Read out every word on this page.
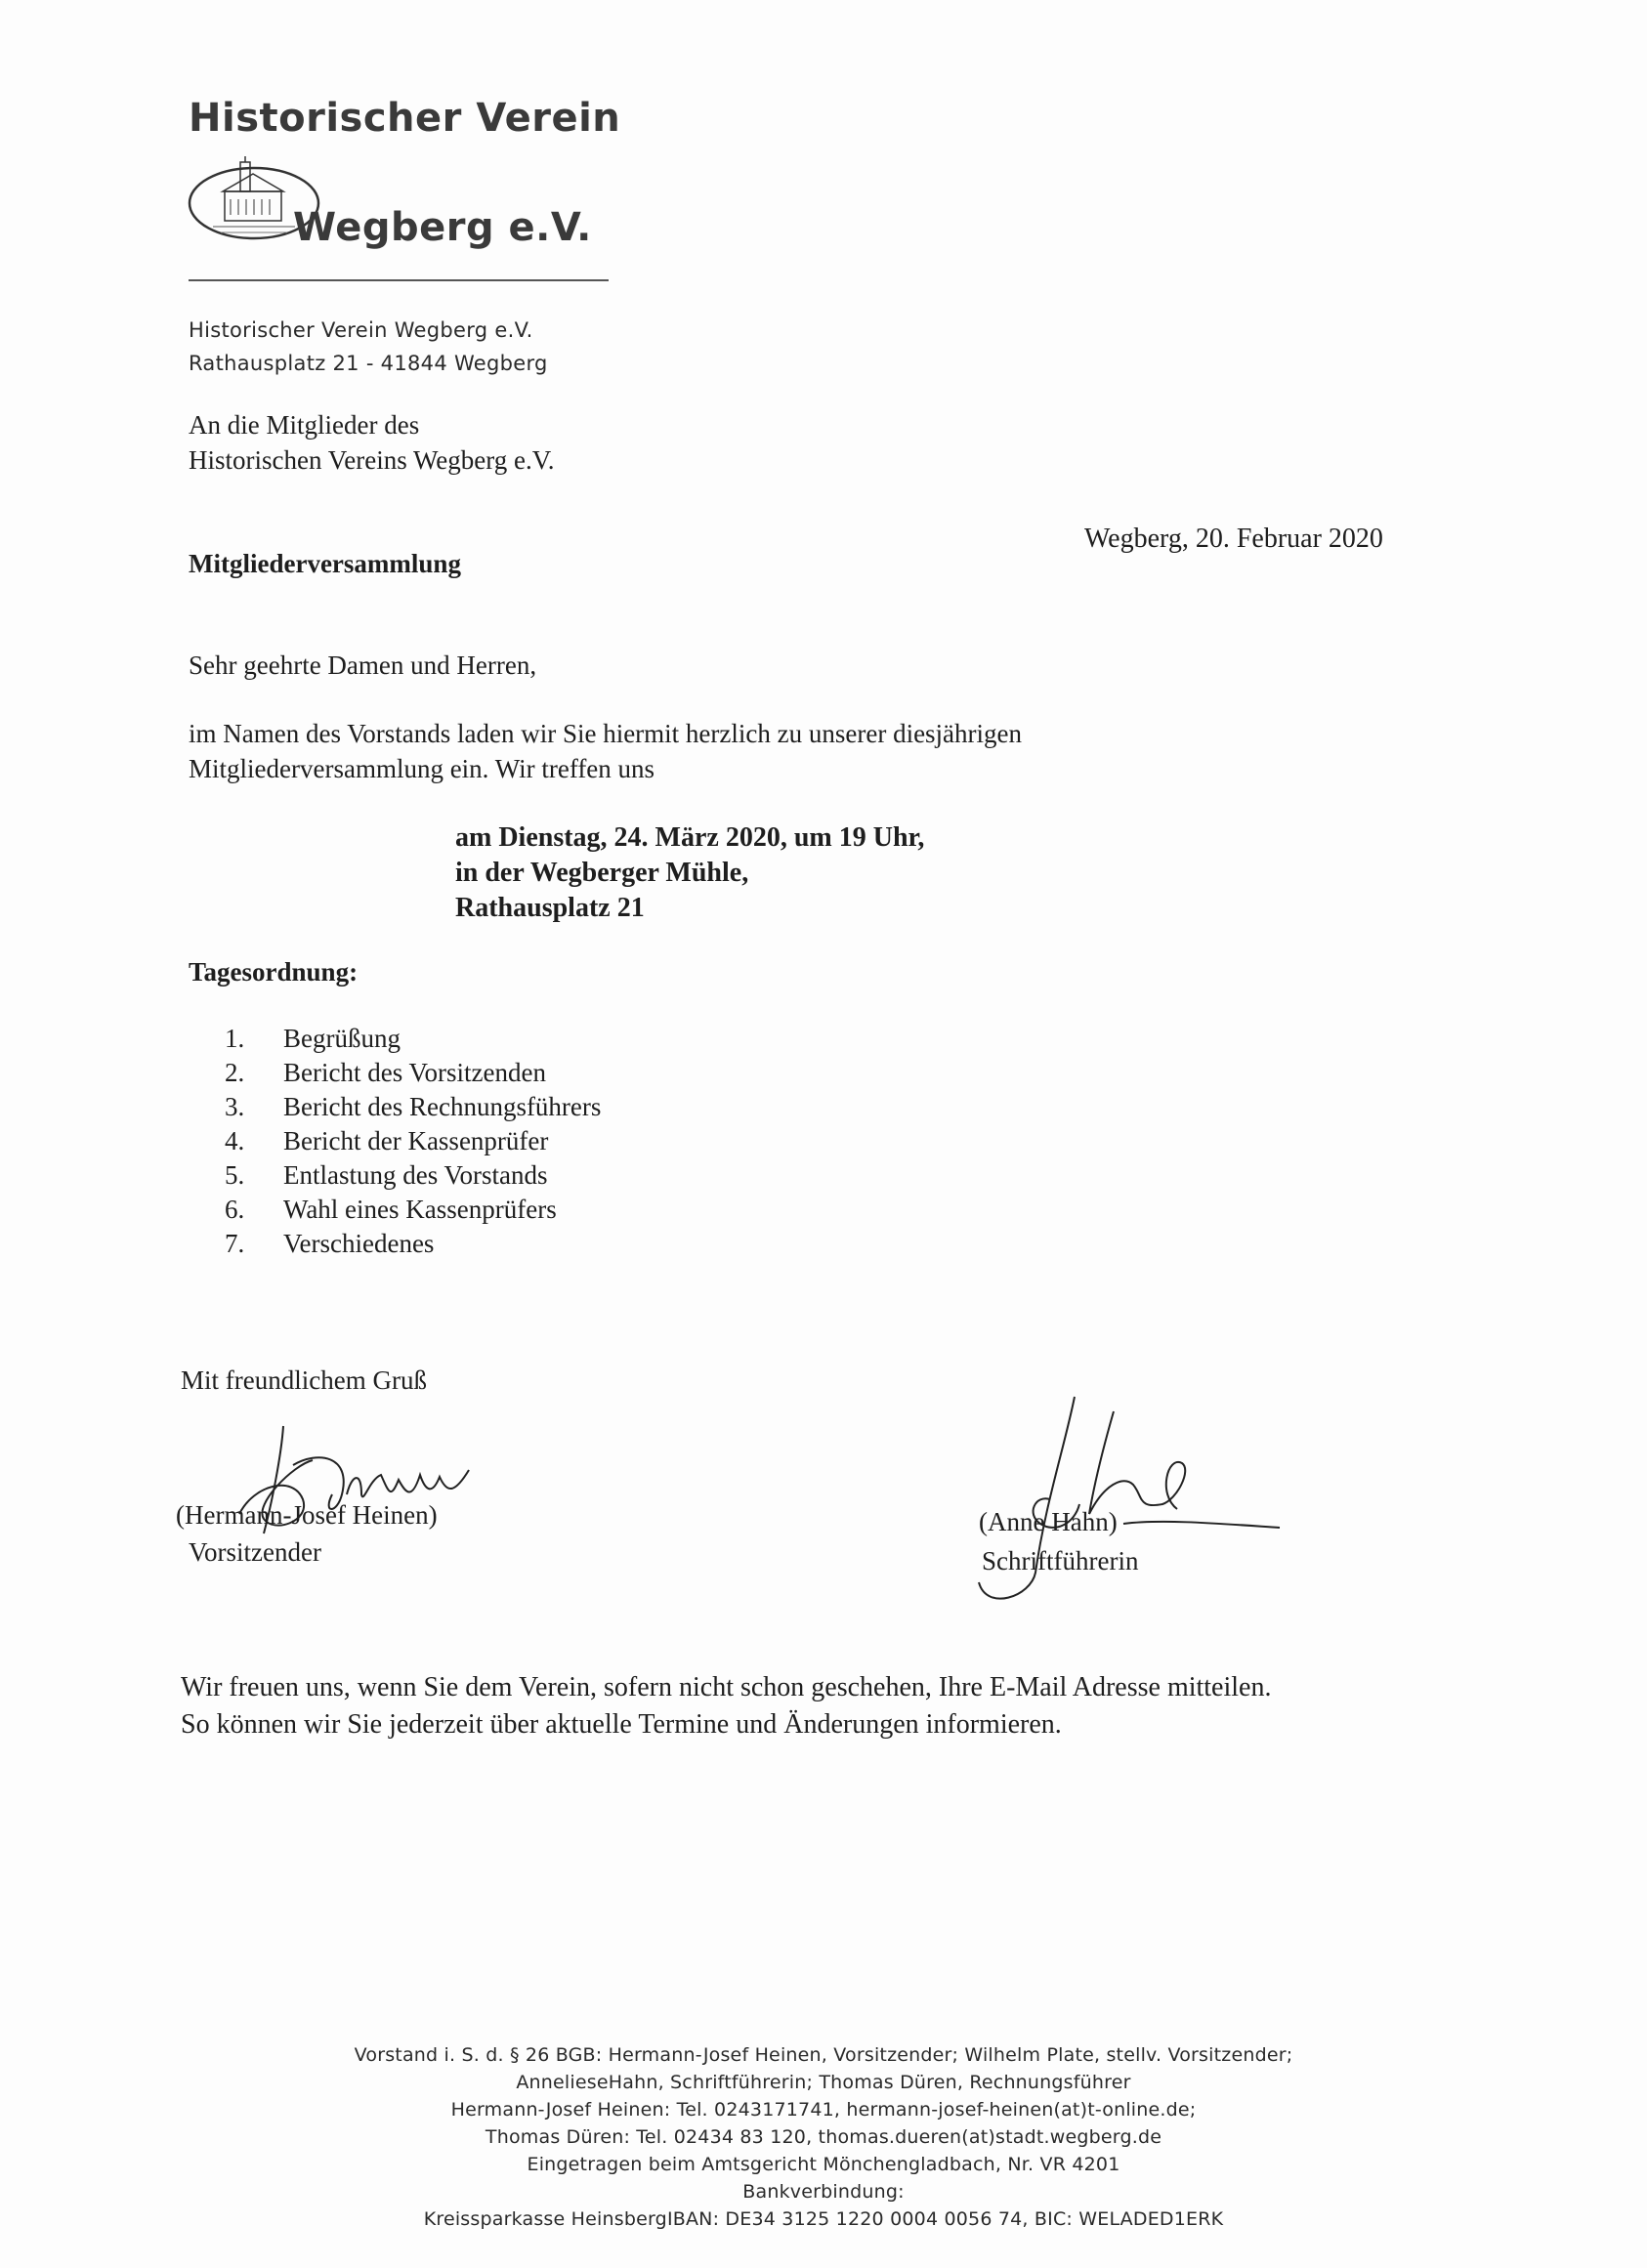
Historischer Verein
Wegberg e.V.
Historischer Verein Wegberg e.V.
Rathausplatz 21 - 41844 Wegberg
An die Mitglieder des
Historischen Vereins Wegberg e.V.
Wegberg, 20. Februar 2020
Mitgliederversammlung
Sehr geehrte Damen und Herren,
im Namen des Vorstands laden wir Sie hiermit herzlich zu unserer diesjährigen
Mitgliederversammlung ein. Wir treffen uns
am Dienstag, 24. März 2020, um 19 Uhr,
in der Wegberger Mühle,
Rathausplatz 21
Tagesordnung:
1. Begrüßung
2. Bericht des Vorsitzenden
3. Bericht des Rechnungsführers
4. Bericht der Kassenprüfer
5. Entlastung des Vorstands
6. Wahl eines Kassenprüfers
7. Verschiedenes
Mit freundlichem Gruß
(Hermann-Josef Heinen)
Vorsitzender
(Anne Hahn)
Schriftführerin
Wir freuen uns, wenn Sie dem Verein, sofern nicht schon geschehen, Ihre E-Mail Adresse mitteilen.
So können wir Sie jederzeit über aktuelle Termine und Änderungen informieren.
Vorstand i. S. d. § 26 BGB: Hermann-Josef Heinen, Vorsitzender; Wilhelm Plate, stellv. Vorsitzender;
AnnelieseHahn, Schriftführerin; Thomas Düren, Rechnungsführer
Hermann-Josef Heinen: Tel. 0243171741, hermann-josef-heinen(at)t-online.de;
Thomas Düren: Tel. 02434 83 120, thomas.dueren(at)stadt.wegberg.de
Eingetragen beim Amtsgericht Mönchengladbach, Nr. VR 4201
Bankverbindung:
Kreissparkasse HeinsbergIBAN: DE34 3125 1220 0004 0056 74, BIC: WELADED1ERK
